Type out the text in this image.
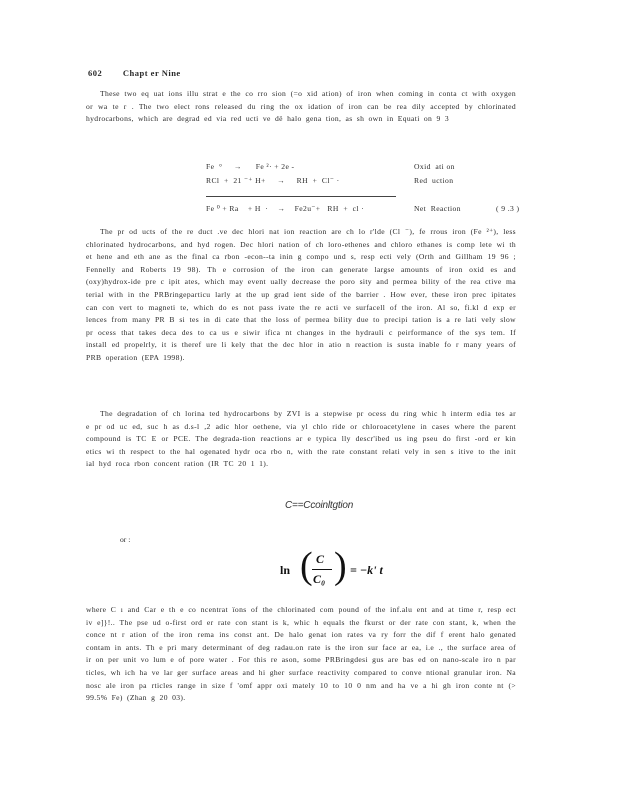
602 Chapt er Nine

These two eq uat ions illu strat e the co rro sion (=o xid ation) of iron when coming in conta ct with oxygen or wa te r . The two elect rons released du ring the ox idation of iron can be rea dily accepted by chlorinated hydrocarbons, which are degrad ed via red ucti ve dë halo gena tion, as sh own in Equati on 9 3

Fe  °     →      Fe ²· + 2e -	Oxid  ati on
RCl  +  21 ⁻⁺ H+     →     RH  +  Cl⁻ ·	Red  uction
Fe ⁰ + Ra    + H  ·    →    Fe2u⁻+   RH  +  cl ·	Net  Reaction	( 9 .3 )

The pr od ucts of the re duct .ve dec hlori nat ion reaction are ch lo r'lde (Cl ⁻), fe rrous iron (Fe ²⁺), less chlorinated hydrocarbons, and hyd rogen. Dec hlori nation of ch loro-ethenes and chloro ethanes is comp lete wi th et hene and eth ane as the final ca rbon -econ--ta inin g compo und s, resp ecti vely (Orth and Gillham 19 96 ; Fennelly and Roberts 19 98). Th e corrosion of the iron can generate largse amounts of iron oxid es and (oxy)hydrox-ide pre c ipit ates, which may event ually decrease the poro sity and permea bility of the rea ctive ma terial with in the PRBringeparticu larly at the up grad ient side of the barrier . How ever, these iron prec ipitates can con vert to magneti te, which do es not pass ivate the re acti ve surfacell of the iron. Al so, fi.kl d exp er lences from many PR B si tes in di cate that the loss of permea bility due to precipi tation is a re lati vely slow pr ocess that takes deca des to ca us e siwir ifica nt changes in the hydrauli c peirformance of the sys tem. If install ed propelrly, it is theref ure li kely that the dec hlor in atio n reaction is susta inable fo r many years of PRB operation (EPA 1998).

The degradation of ch lorina ted hydrocarbons by ZVI is a stepwise pr ocess du ring whic h interm edia tes ar e pr od uc ed, suc h as d.s-l ,2 adic hlor oethene, via yl chlo ride or chloroacetylene in cases where the parent compound is TC E or PCE. The degrada-tion reactions ar e typica lly descr'ibed us ing pseu do first -ord er kin etics wi th respect to the hal ogenated hydr oca rbo n, with the rate constant relati vely in sen s itive to the init ial hyd roca rbon concent ration (IR TC 20 1 1).

C==Ccoinltgtion
or :
ln ( C
C₀ ) = −k' t

where C ı and Car e th e co ncentrat ïons of the chlorinated com pound of the inf.alu ent and at time r, resp ect iv e]}!.. The pse ud o-first ord er rate con stant is k, whic h equals the fkurst or der rate con stant, k, when the conce nt r ation of the iron rema ins const ant. De halo genat ion rates va ry forr the dif f erent halo genated contam in ants. Th e pri mary determinant of deg radau.on rate is the iron sur face ar ea, i.e ., the surface area of ir on per unit vo lum e of pore water . For this re ason, some PRBringdesi gus are bas ed on nano-scale iro n par ticles, wh ich ha ve lar ger surface areas and hi gher surface reactivity compared to conve ntional granular iron. Na nosc ale iron pa rticles range in size f 'omf appr oxi mately 10 to 10 0 nm and ha ve a hi gh iron conte nt (> 99.5% Fe) (Zhan g 20 03).
